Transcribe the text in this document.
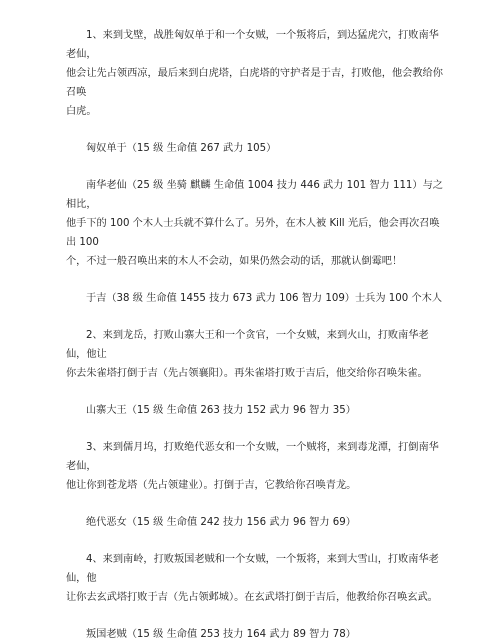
1、来到戈壁，战胜匈奴单于和一个女贼，一个叛将后，到达猛虎穴，打败南华老仙，
他会让先占领西凉，最后来到白虎塔，白虎塔的守护者是于吉，打败他，他会教给你召唤
白虎。

匈奴单于（15 级 生命值 267 武力 105）

南华老仙（25 级 坐骑 麒麟 生命值 1004 技力 446 武力 101 智力 111）与之相比，
他手下的 100 个木人士兵就不算什么了。另外，在木人被 Kill 光后，他会再次召唤出 100
个，不过一般召唤出来的木人不会动，如果仍然会动的话，那就认倒霉吧！

于吉（38 级 生命值 1455 技力 673 武力 106 智力 109）士兵为 100 个木人

2、来到龙岳，打败山寨大王和一个贪官，一个女贼，来到火山，打败南华老仙，他让
你去朱雀塔打倒于吉（先占领襄阳）。再朱雀塔打败于吉后，他交给你召唤朱雀。

山寨大王（15 级 生命值 263 技力 152 武力 96 智力 35）

3、来到儒月坞，打败绝代恶女和一个女贼，一个贼将，来到毒龙潭，打倒南华老仙，
他让你到苍龙塔（先占领建业）。打倒于吉，它教给你召唤青龙。

绝代恶女（15 级 生命值 242 技力 156 武力 96 智力 69）

4、来到南岭，打败叛国老贼和一个女贼，一个叛将，来到大雪山，打败南华老仙，他
让你去玄武塔打败于吉（先占领邺城）。在玄武塔打倒于吉后，他教给你召唤玄武。

叛国老贼（15 级 生命值 253 技力 164 武力 89 智力 78）
